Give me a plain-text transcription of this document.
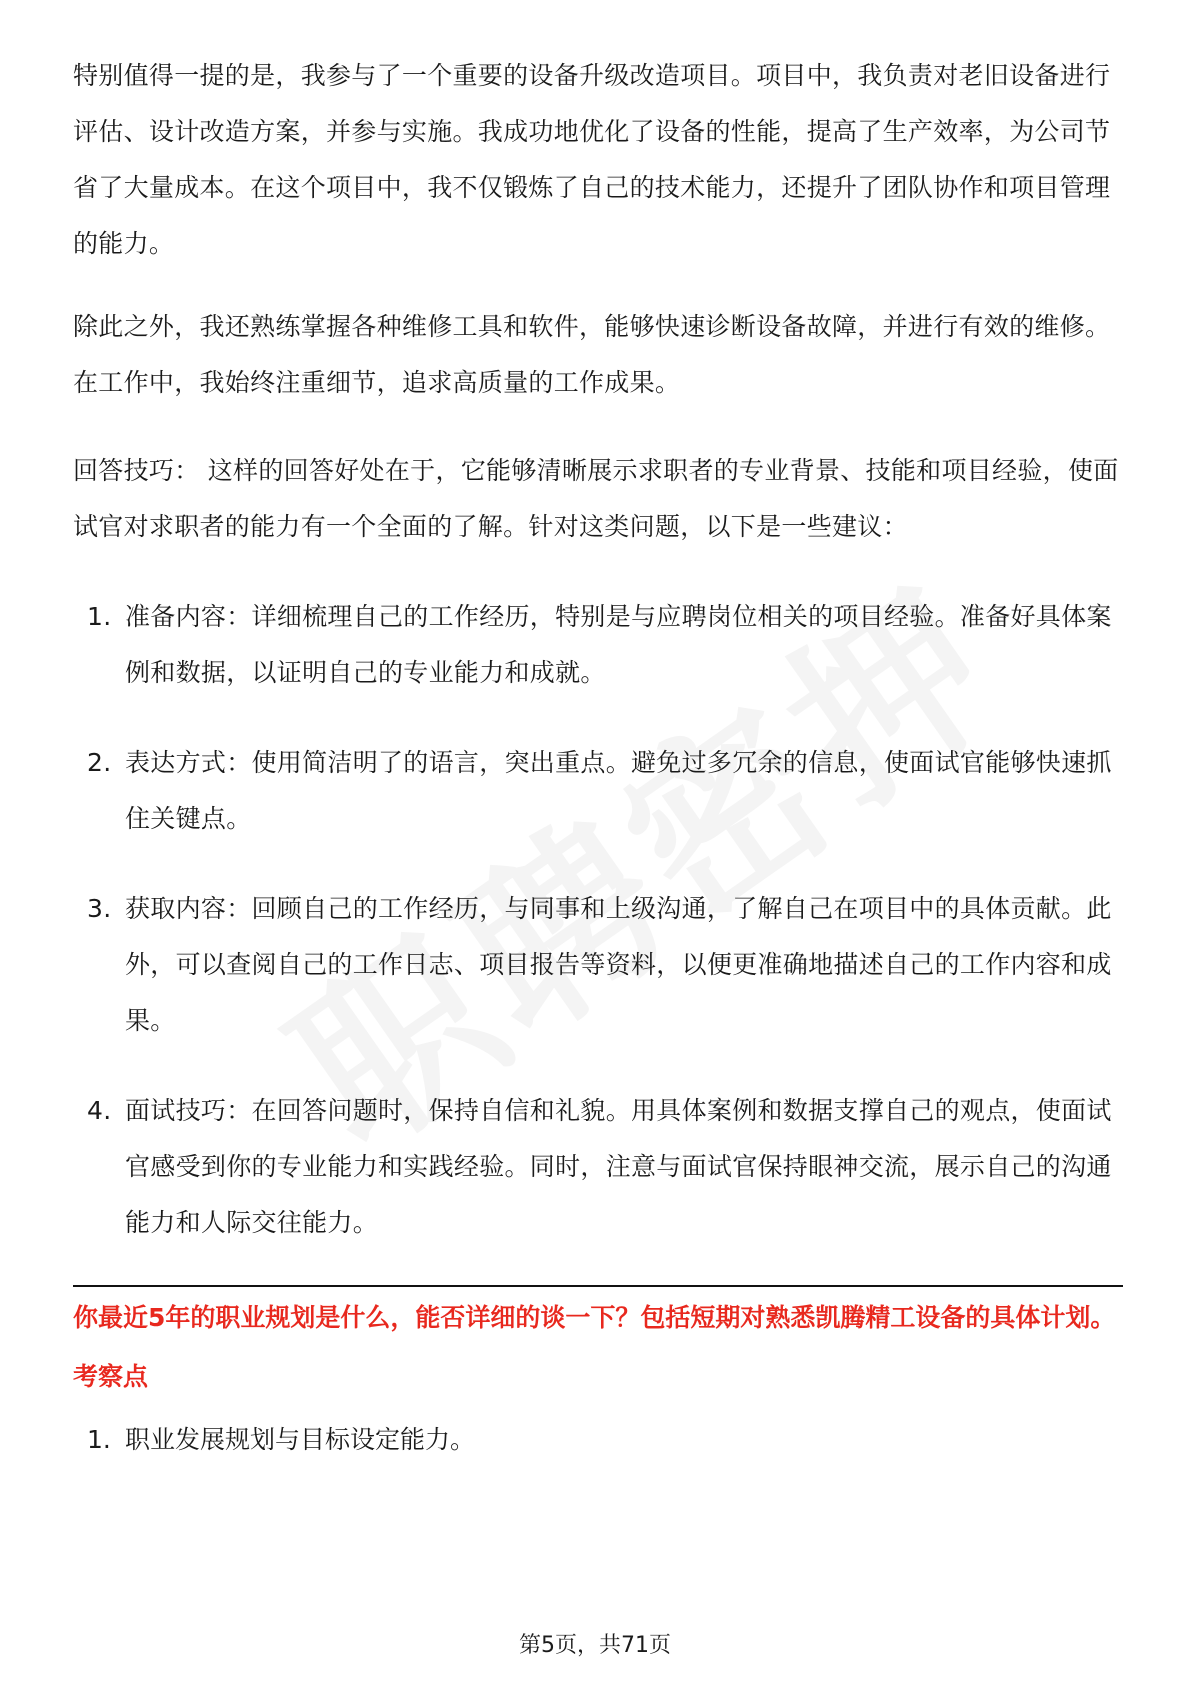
特别值得一提的是，我参与了一个重要的设备升级改造项目。项目中，我负责对老旧设备进行评估、设计改造方案，并参与实施。我成功地优化了设备的性能，提高了生产效率，为公司节省了大量成本。在这个项目中，我不仅锻炼了自己的技术能力，还提升了团队协作和项目管理的能力。

除此之外，我还熟练掌握各种维修工具和软件，能够快速诊断设备故障，并进行有效的维修。在工作中，我始终注重细节，追求高质量的工作成果。

回答技巧： 这样的回答好处在于，它能够清晰展示求职者的专业背景、技能和项目经验，使面试官对求职者的能力有一个全面的了解。针对这类问题，以下是一些建议：

1. 准备内容：详细梳理自己的工作经历，特别是与应聘岗位相关的项目经验。准备好具体案例和数据，以证明自己的专业能力和成就。
2. 表达方式：使用简洁明了的语言，突出重点。避免过多冗余的信息，使面试官能够快速抓住关键点。
3. 获取内容：回顾自己的工作经历，与同事和上级沟通，了解自己在项目中的具体贡献。此外，可以查阅自己的工作日志、项目报告等资料，以便更准确地描述自己的工作内容和成果。
4. 面试技巧：在回答问题时，保持自信和礼貌。用具体案例和数据支撑自己的观点，使面试官感受到你的专业能力和实践经验。同时，注意与面试官保持眼神交流，展示自己的沟通能力和人际交往能力。

你最近5年的职业规划是什么，能否详细的谈一下？包括短期对熟悉凯腾精工设备的具体计划。

考察点

1. 职业发展规划与目标设定能力。
第5页，共71页
